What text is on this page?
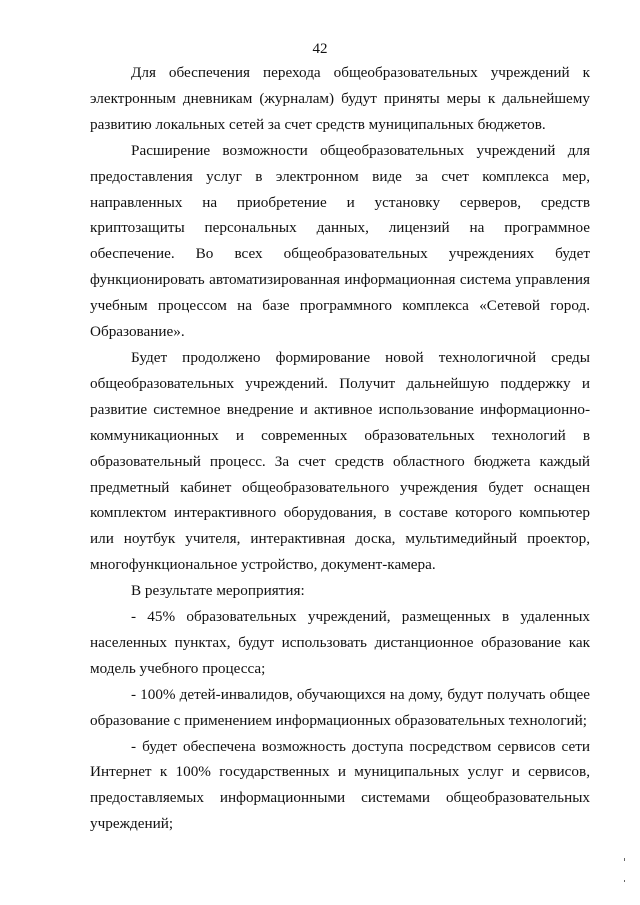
42

Для обеспечения перехода общеобразовательных учреждений к электронным дневникам (журналам) будут приняты меры к дальнейшему развитию локальных сетей за счет средств муниципальных бюджетов.

Расширение возможности общеобразовательных учреждений для предоставления услуг в электронном виде за счет комплекса мер, направленных на приобретение и установку серверов, средств криптозащиты персональных данных, лицензий на программное обеспечение. Во всех общеобразовательных учреждениях будет функционировать автоматизированная информационная система управления учебным процессом на базе программного комплекса «Сетевой город. Образование».

Будет продолжено формирование новой технологичной среды общеобразовательных учреждений. Получит дальнейшую поддержку и развитие системное внедрение и активное использование информационно-коммуникационных и современных образовательных технологий в образовательный процесс. За счет средств областного бюджета каждый предметный кабинет общеобразовательного учреждения будет оснащен комплектом интерактивного оборудования, в составе которого компьютер или ноутбук учителя, интерактивная доска, мультимедийный проектор, многофункциональное устройство, документ-камера.

В результате мероприятия:

- 45% образовательных учреждений, размещенных в удаленных населенных пунктах, будут использовать дистанционное образование как модель учебного процесса;

- 100% детей-инвалидов, обучающихся на дому, будут получать общее образование с применением информационных образовательных технологий;

- будет обеспечена возможность доступа посредством сервисов сети Интернет к 100% государственных и муниципальных услуг и сервисов, предоставляемых информационными системами общеобразовательных учреждений;
